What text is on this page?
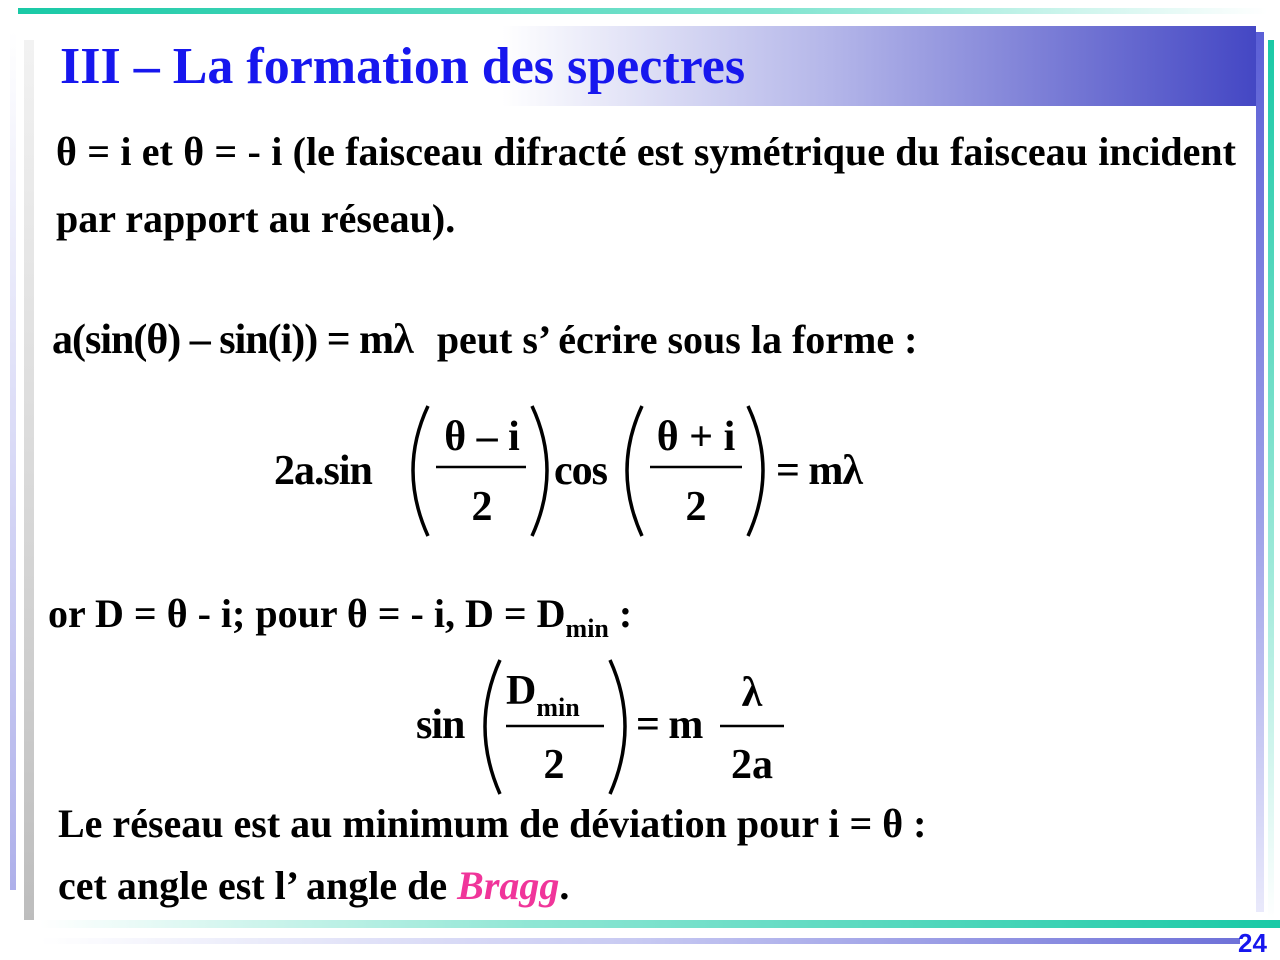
III – La formation des spectres
θ = i et θ = - i (le faisceau difracté est symétrique du faisceau incident par rapport au réseau).
a(sin(θ) – sin(i)) = mλ peut s’ écrire sous la forme :
2a.sin
θ – i
2
cos
θ + i
2
= mλ
or D = θ - i; pour θ = - i, $D = D_{min}$ :
sin
$D_{min}$
2
= m
λ
2a
Le réseau est au minimum de déviation pour i = θ :
cet angle est l’ angle de Bragg.
24
